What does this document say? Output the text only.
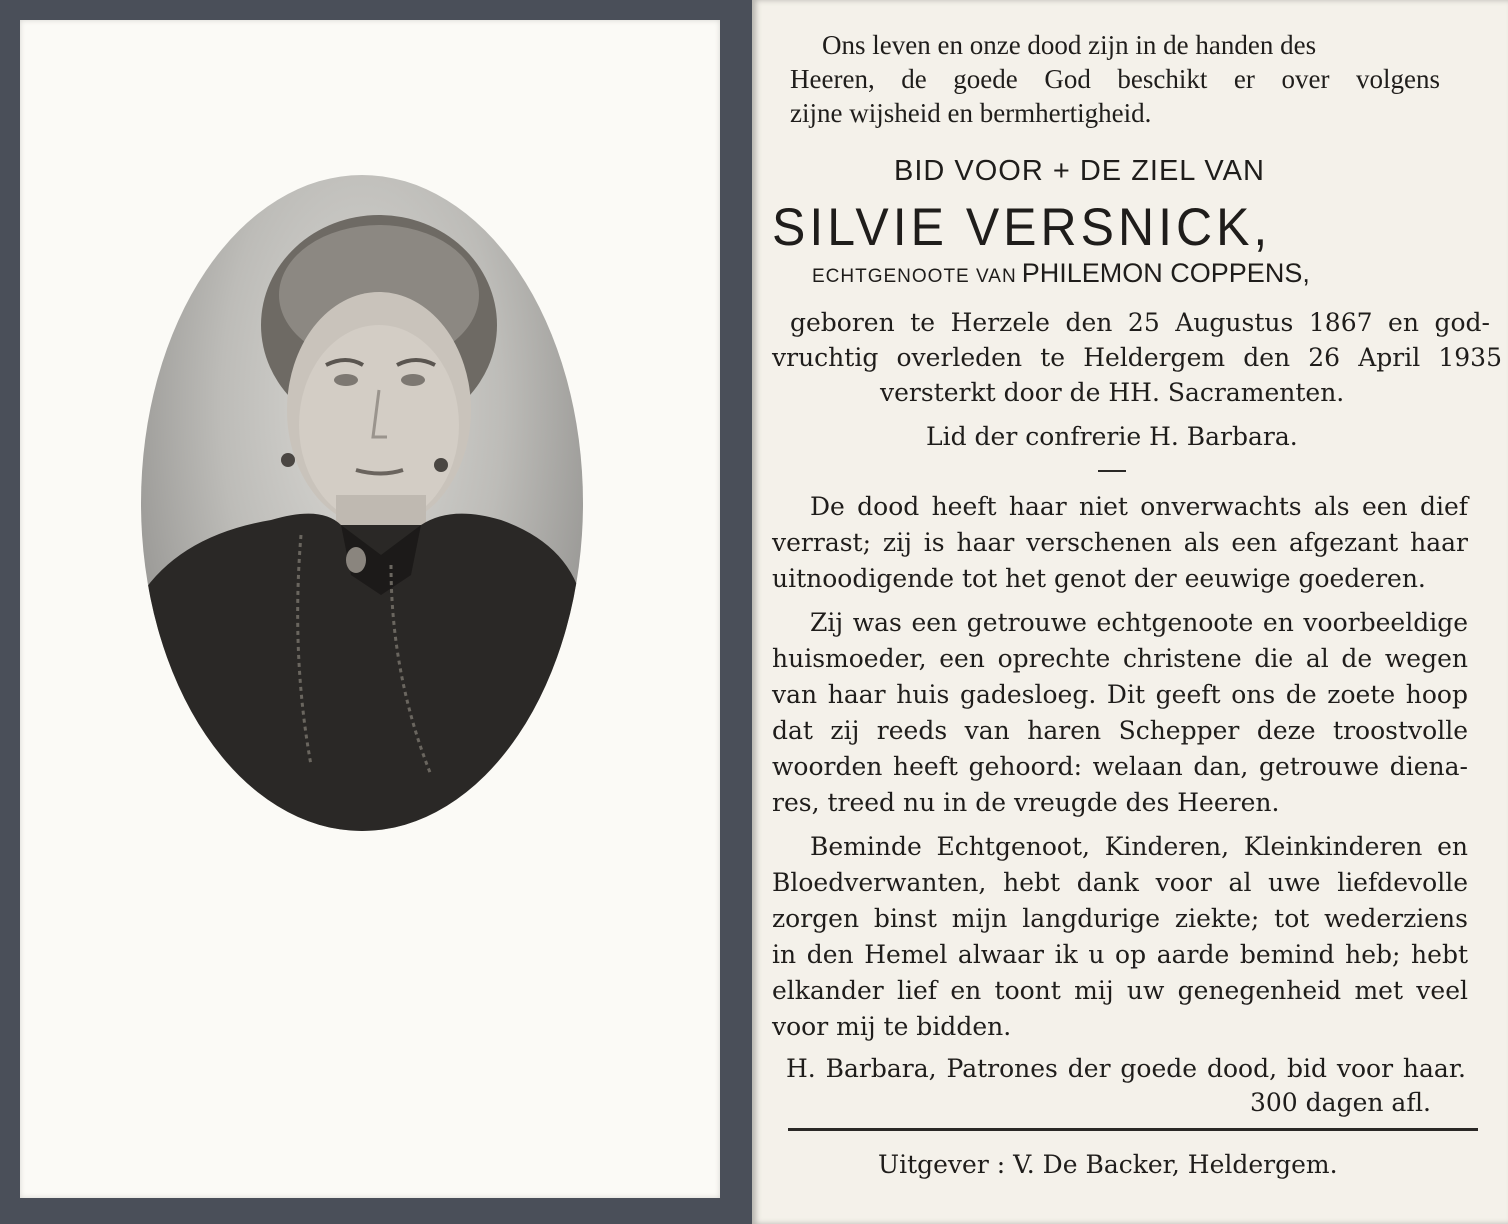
Ons leven en onze dood zijn in de handen des
Heeren, de goede God beschikt er over volgens
zijne wijsheid en bermhertigheid.
BID VOOR + DE ZIEL VAN
SILVIE VERSNICK,
ECHTGENOOTE VAN PHILEMON COPPENS,
geboren te Herzele den 25 Augustus 1867 en god-
vruchtig overleden te Heldergem den 26 April 1935
versterkt door de HH. Sacramenten.
Lid der confrerie H. Barbara.
De dood heeft haar niet onverwachts als een dief
verrast; zij is haar verschenen als een afgezant haar
uitnoodigende tot het genot der eeuwige goederen.
Zij was een getrouwe echtgenoote en voorbeeldige
huismoeder, een oprechte christene die al de wegen
van haar huis gadesloeg. Dit geeft ons de zoete hoop
dat zij reeds van haren Schepper deze troostvolle
woorden heeft gehoord: welaan dan, getrouwe diena-
res, treed nu in de vreugde des Heeren.
Beminde Echtgenoot, Kinderen, Kleinkinderen en
Bloedverwanten, hebt dank voor al uwe liefdevolle
zorgen binst mijn langdurige ziekte; tot wederziens
in den Hemel alwaar ik u op aarde bemind heb; hebt
elkander lief en toont mij uw genegenheid met veel
voor mij te bidden.
H. Barbara, Patrones der goede dood, bid voor haar.
300 dagen afl.
Uitgever : V. De Backer, Heldergem.
